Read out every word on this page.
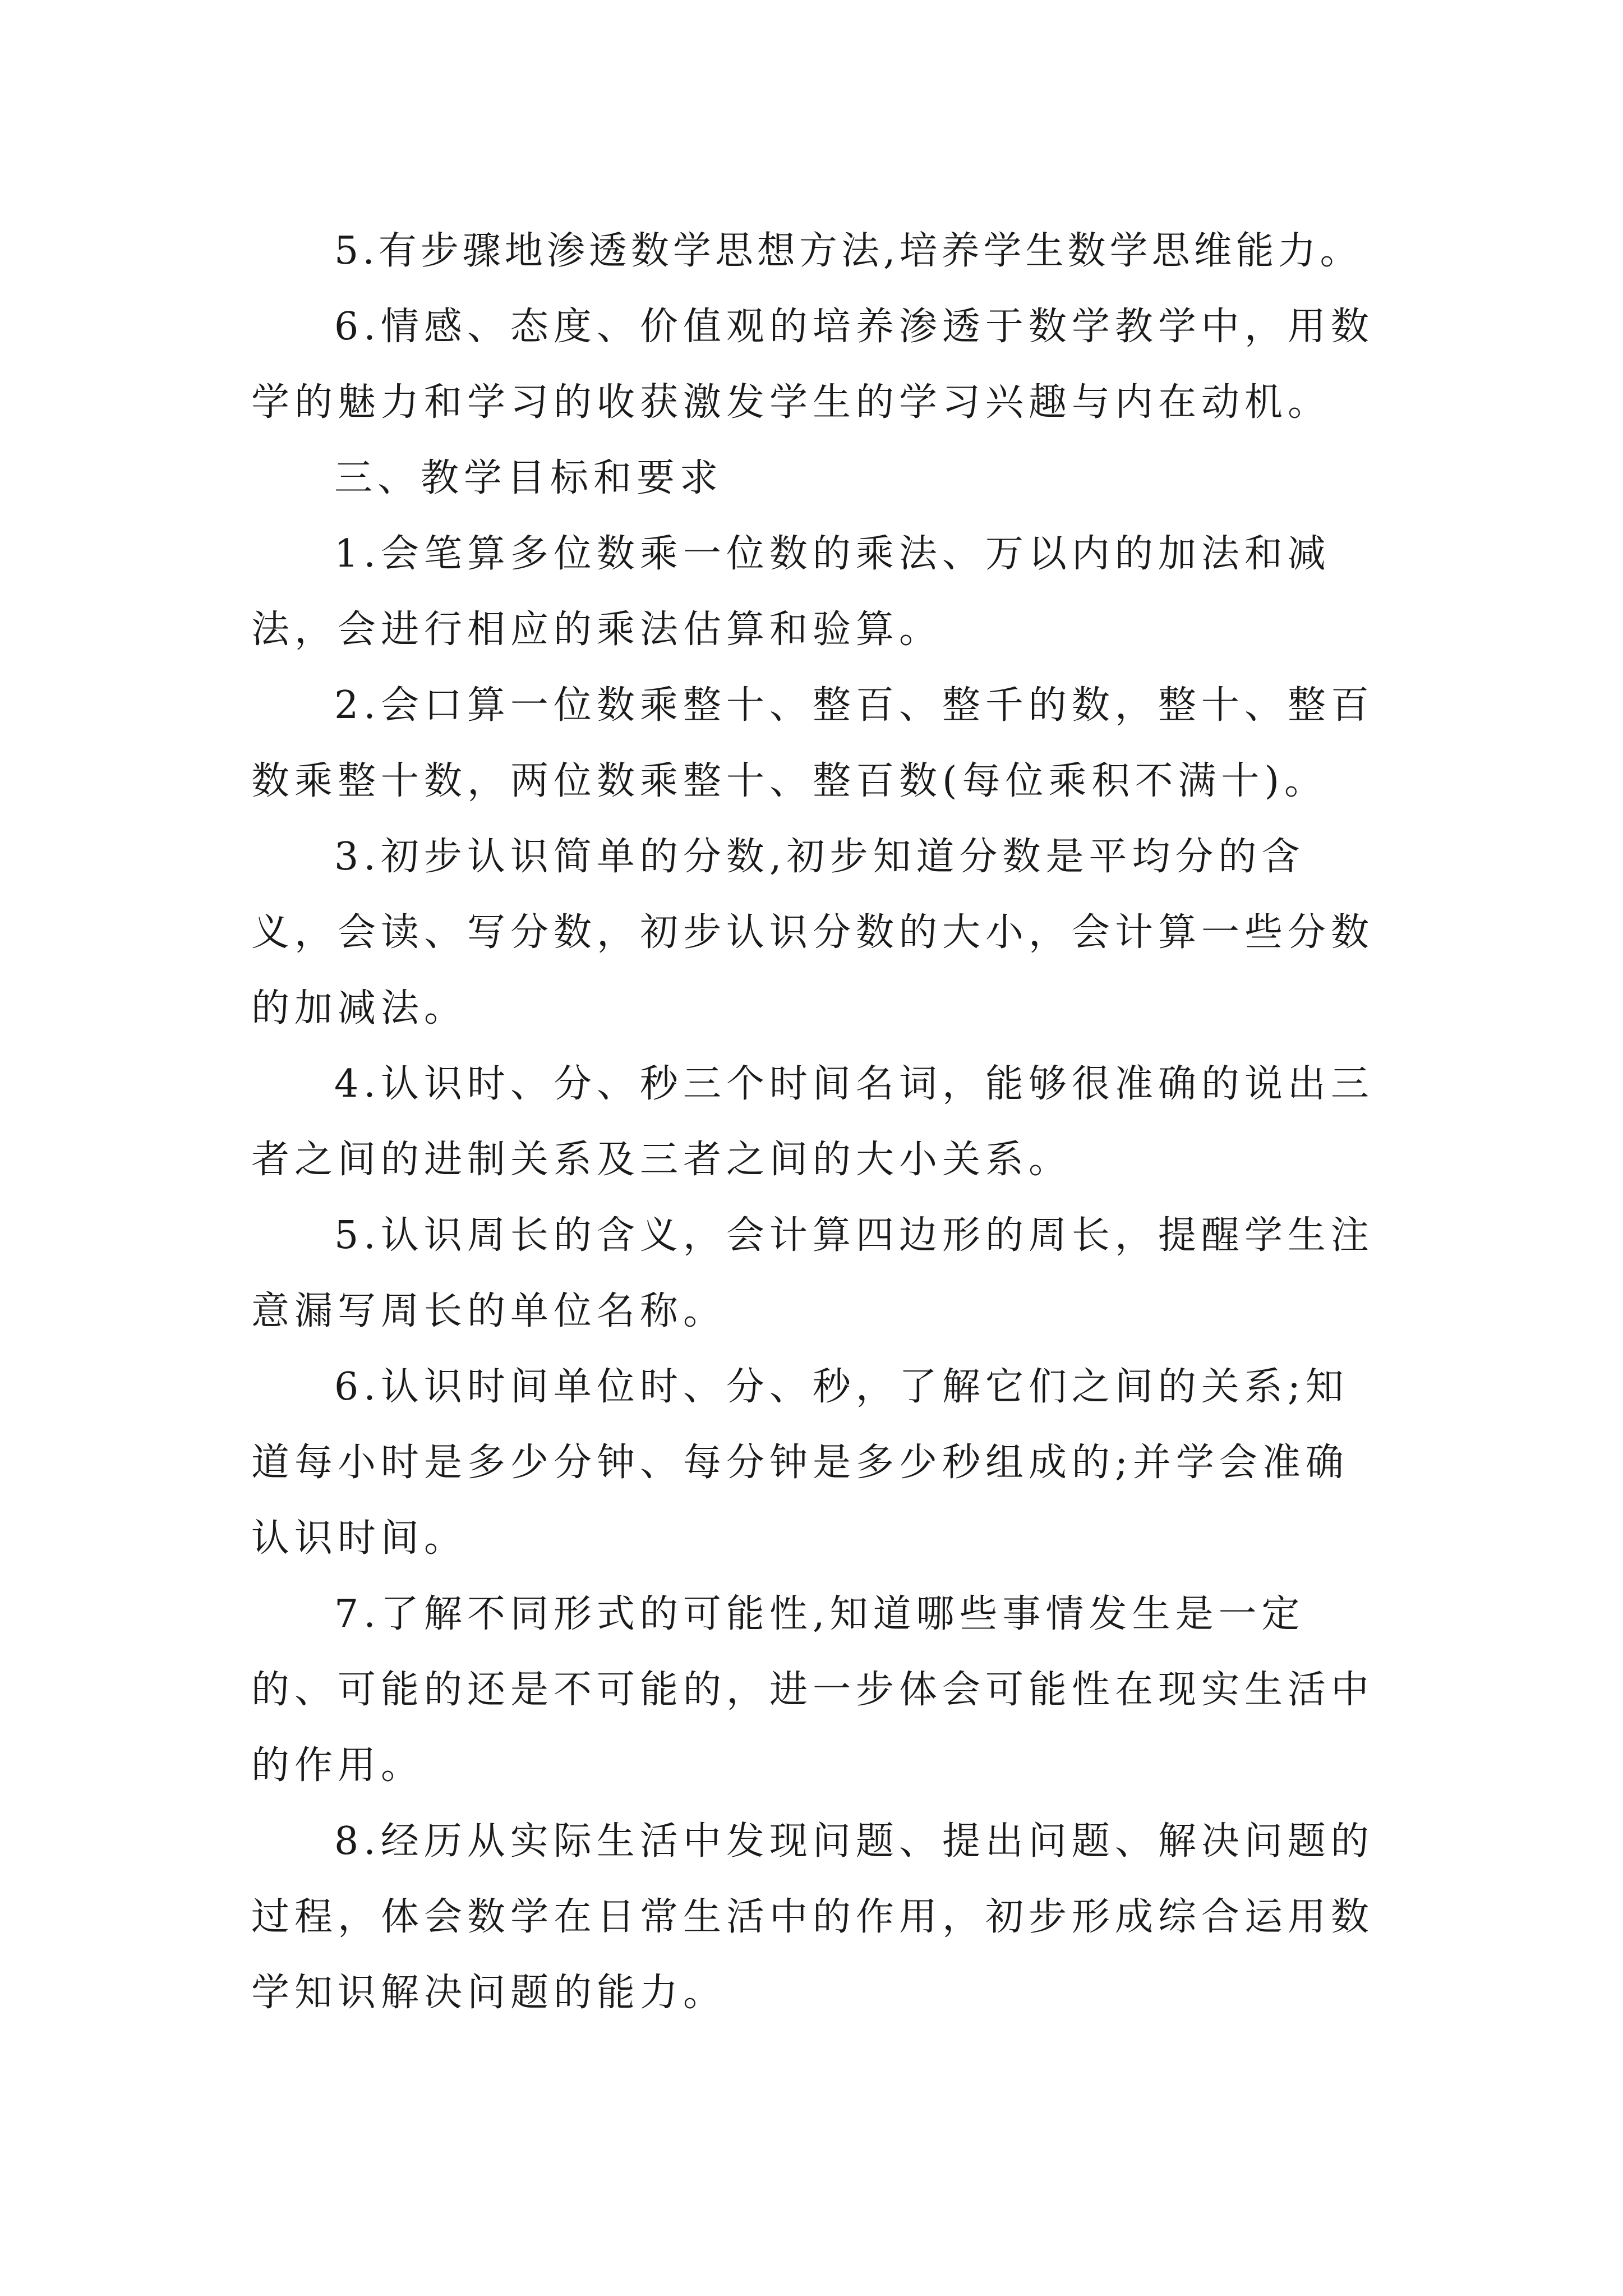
5.有步骤地渗透数学思想方法,培养学生数学思维能力。

6.情感、态度、价值观的培养渗透于数学教学中，用数学的魅力和学习的收获激发学生的学习兴趣与内在动机。

三、教学目标和要求

1.会笔算多位数乘一位数的乘法、万以内的加法和减法，会进行相应的乘法估算和验算。

2.会口算一位数乘整十、整百、整千的数，整十、整百数乘整十数，两位数乘整十、整百数(每位乘积不满十)。

3.初步认识简单的分数,初步知道分数是平均分的含义，会读、写分数，初步认识分数的大小，会计算一些分数的加减法。

4.认识时、分、秒三个时间名词，能够很准确的说出三者之间的进制关系及三者之间的大小关系。

5.认识周长的含义，会计算四边形的周长，提醒学生注意漏写周长的单位名称。

6.认识时间单位时、分、秒，了解它们之间的关系;知道每小时是多少分钟、每分钟是多少秒组成的;并学会准确认识时间。

7.了解不同形式的可能性,知道哪些事情发生是一定的、可能的还是不可能的，进一步体会可能性在现实生活中的作用。

8.经历从实际生活中发现问题、提出问题、解决问题的过程，体会数学在日常生活中的作用，初步形成综合运用数学知识解决问题的能力。
